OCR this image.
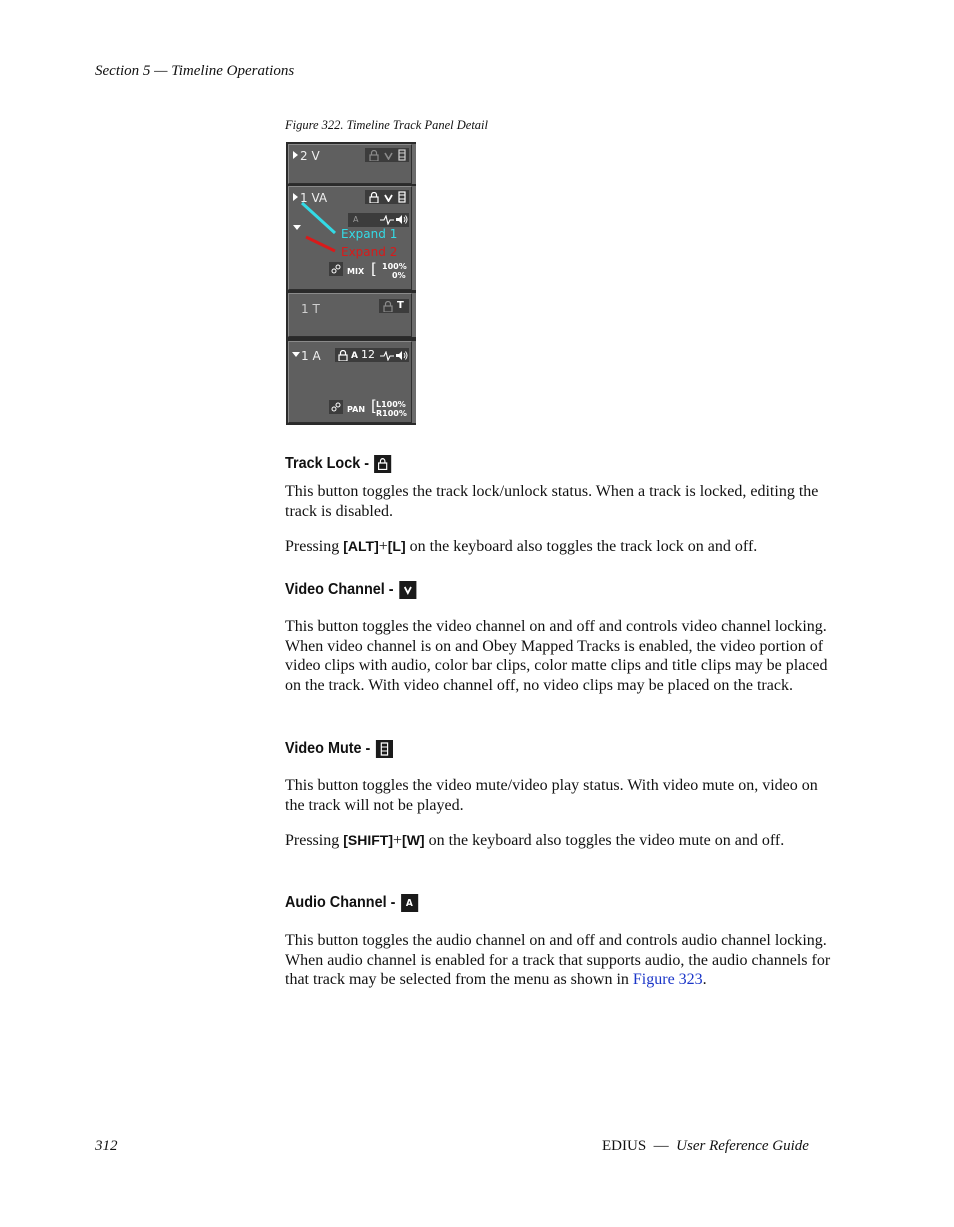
Section 5 — Timeline Operations
Figure 322. Timeline Track Panel Detail
2 V
1 VA
A
Expand 1
Expand 2
MIX [ 100%
0%
1 T	T
1 A	A 12
PAN [ L100%
R100%
Track Lock -

This button toggles the track lock/unlock status. When a track is locked, editing the track is disabled.

Pressing [ALT]+[L] on the keyboard also toggles the track lock on and off.

Video Channel -

This button toggles the video channel on and off and controls video channel locking. When video channel is on and Obey Mapped Tracks is enabled, the video portion of video clips with audio, color bar clips, color matte clips and title clips may be placed on the track. With video channel off, no video clips may be placed on the track.

Video Mute -

This button toggles the video mute/video play status. With video mute on, video on the track will not be played.

Pressing [SHIFT]+[W] on the keyboard also toggles the video mute on and off.

Audio Channel -	A

This button toggles the audio channel on and off and controls audio channel locking. When audio channel is enabled for a track that supports audio, the audio channels for that track may be selected from the menu as shown in Figure 323.

312	EDIUS  —  User Reference Guide
